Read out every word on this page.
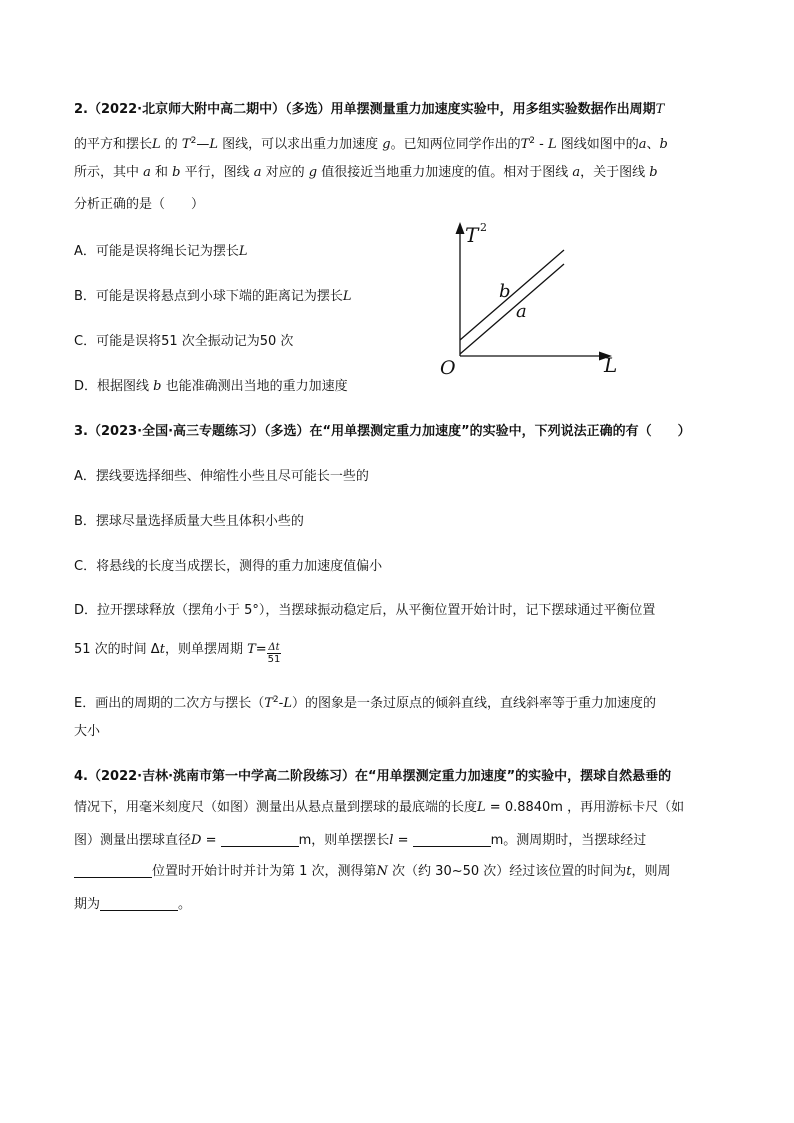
2.（2022·北京师大附中高二期中）（多选）用单摆测量重力加速度实验中，用多组实验数据作出周期T
的平方和摆长L 的 $T^2—L$ 图线，可以求出重力加速度 g。已知两位同学作出的$T^2$ - L 图线如图中的a、b
所示，其中 a 和 b 平行，图线 a 对应的 g 值很接近当地重力加速度的值。相对于图线 a，关于图线 b
分析正确的是（　　）
A．可能是误将绳长记为摆长L
B．可能是误将悬点到小球下端的距离记为摆长L
C．可能是误将51 次全振动记为50 次
D．根据图线 b 也能准确测出当地的重力加速度
T 2
L
O
b
a
3.（2023·全国·高三专题练习）（多选）在“用单摆测定重力加速度”的实验中，下列说法正确的有（　　）
A．摆线要选择细些、伸缩性小些且尽可能长一些的
B．摆球尽量选择质量大些且体积小些的
C．将悬线的长度当成摆长，测得的重力加速度值偏小
D．拉开摆球释放（摆角小于 5°），当摆球振动稳定后，从平衡位置开始计时，记下摆球通过平衡位置
51 次的时间 Δt，则单摆周期 $T= \frac{\Delta t}{51}$
E．画出的周期的二次方与摆长$(T^2-L)$的图象是一条过原点的倾斜直线，直线斜率等于重力加速度的
大小
4.（2022·吉林·洮南市第一中学高二阶段练习）在“用单摆测定重力加速度”的实验中，摆球自然悬垂的
情况下，用毫米刻度尺（如图）测量出从悬点量到摆球的最底端的长度L = 0.8840m ，再用游标卡尺（如
图）测量出摆球直径D =	m，则单摆摆长l =	m。测周期时，当摆球经过
位置时开始计时并计为第 1 次，测得第N 次（约 30~50 次）经过该位置的时间为t，则周
期为	。
